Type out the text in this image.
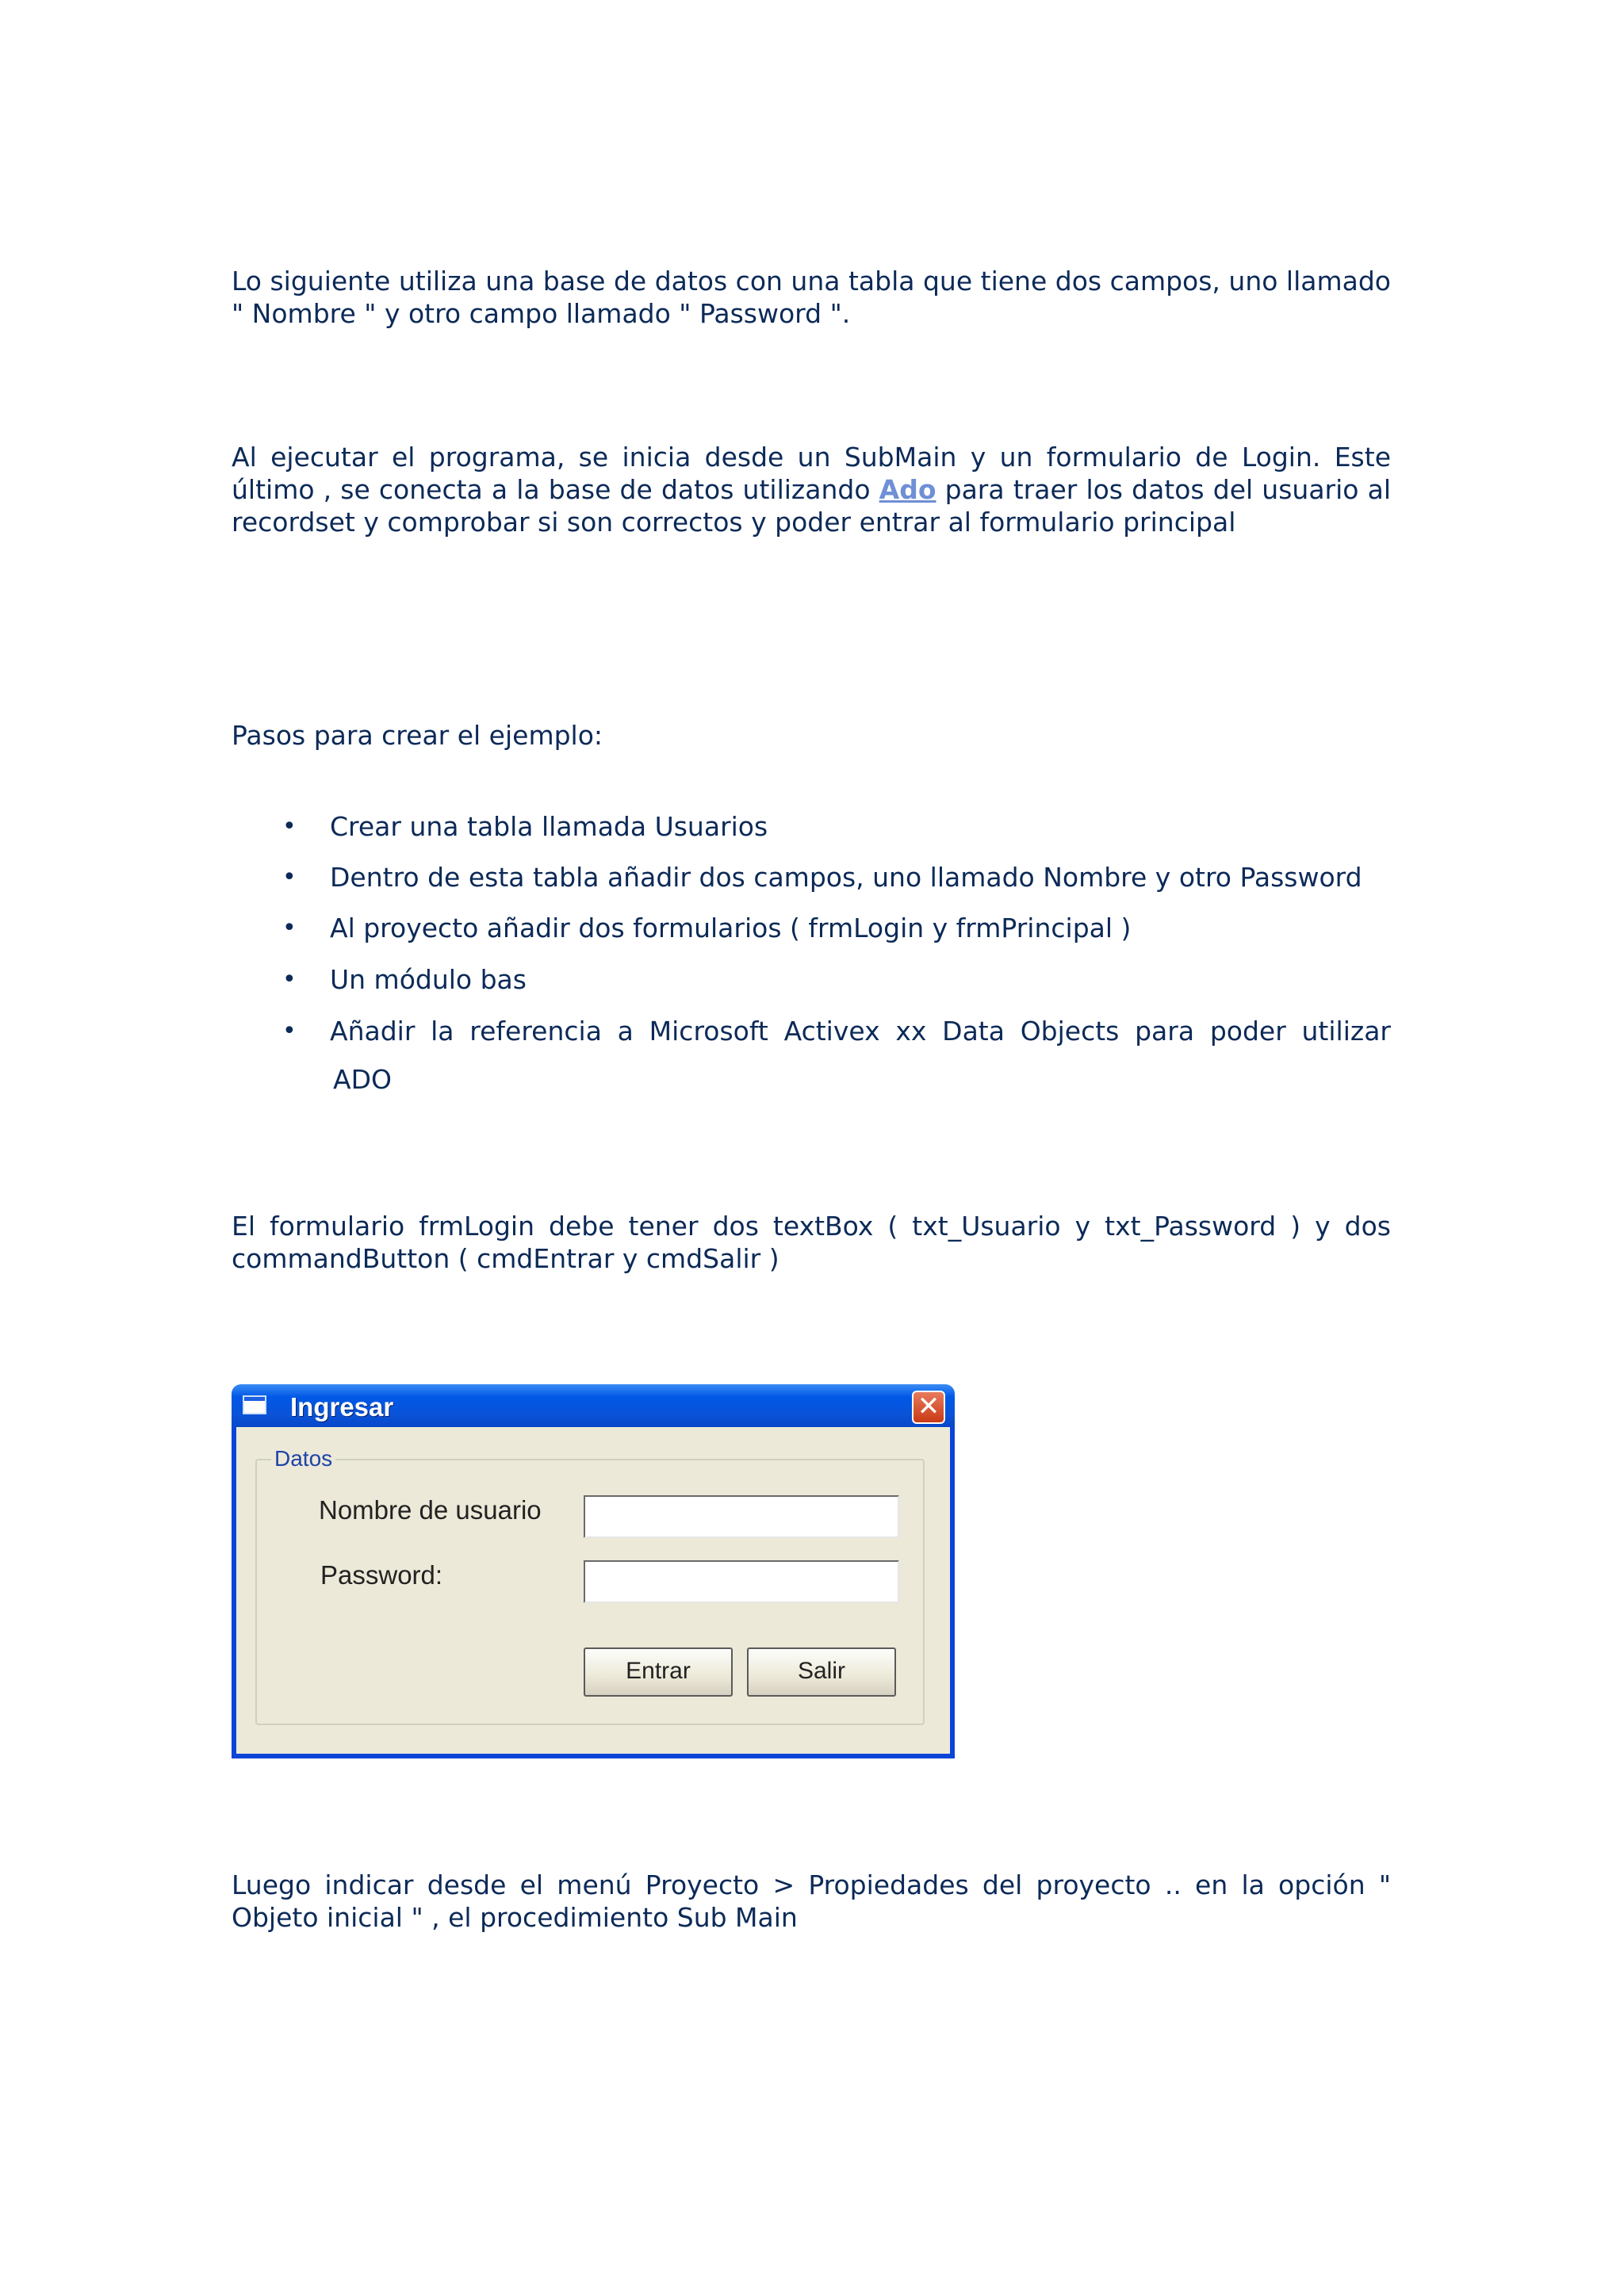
Lo siguiente utiliza una base de datos con una tabla que tiene dos campos, uno llamado " Nombre " y otro campo llamado " Password ".

Al ejecutar el programa, se inicia desde un SubMain y un formulario de Login. Este último , se conecta a la base de datos utilizando Ado para traer los datos del usuario al recordset y comprobar si son correctos y poder entrar al formulario principal

Pasos para crear el ejemplo:

• Crear una tabla llamada Usuarios
• Dentro de esta tabla añadir dos campos, uno llamado Nombre y otro Password
• Al proyecto añadir dos formularios ( frmLogin y frmPrincipal )
• Un módulo bas
• Añadir la referencia a Microsoft Activex xx Data Objects para poder utilizar
ADO

El formulario frmLogin debe tener dos textBox ( txt_Usuario y txt_Password ) y dos commandButton ( cmdEntrar y cmdSalir )

Ingresar	✕
Datos
Nombre de usuario
Password:
Entrar	Salir

Luego indicar desde el menú Proyecto > Propiedades del proyecto .. en la opción " Objeto inicial " , el procedimiento Sub Main
